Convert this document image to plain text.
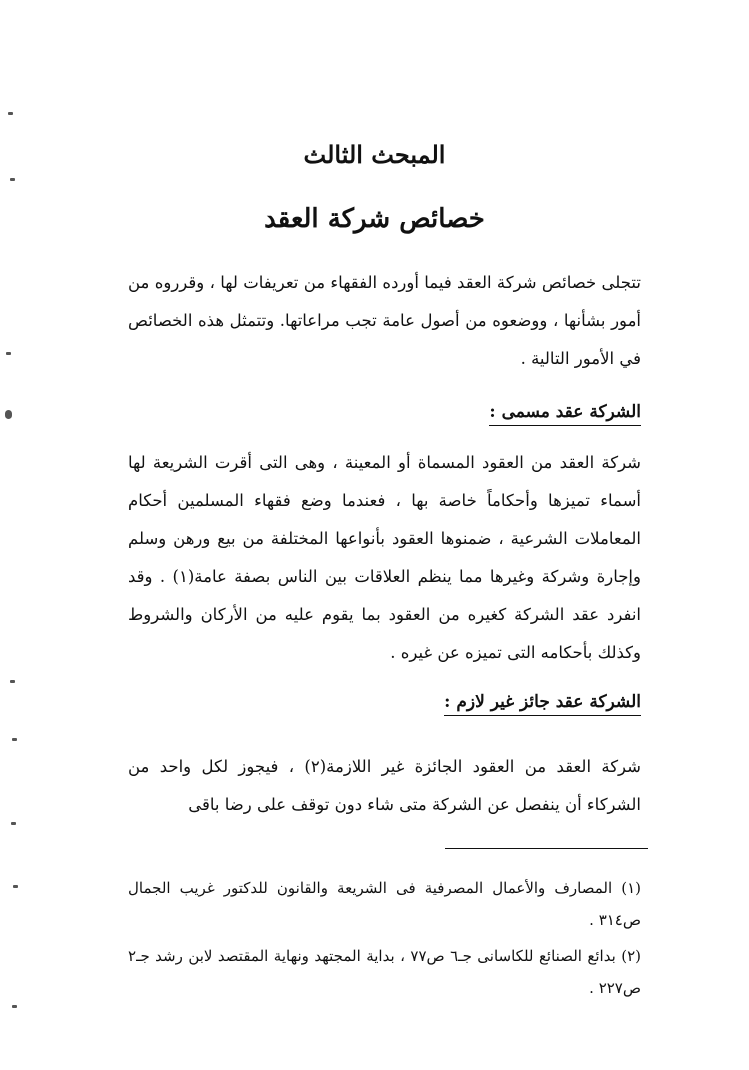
المبحث الثالث
خصائص شركة العقد

تتجلى خصائص شركة العقد فيما أورده الفقهاء من تعريفات لها ، وقرروه من أمور بشأنها ، ووضعوه من أصول عامة تجب مراعاتها. وتتمثل هذه الخصائص في الأمور التالية .

الشركة عقد مسمى :

شركة العقد من العقود المسماة أو المعينة ، وهى التى أقرت الشريعة لها أسماء تميزها وأحكاماً خاصة بها ، فعندما وضع فقهاء المسلمين أحكام المعاملات الشرعية ، ضمنوها العقود بأنواعها المختلفة من بيع ورهن وسلم وإجارة وشركة وغيرها مما ينظم العلاقات بين الناس بصفة عامة(١) . وقد انفرد عقد الشركة كغيره من العقود بما يقوم عليه من الأركان والشروط وكذلك بأحكامه التى تميزه عن غيره .

الشركة عقد جائز غير لازم :

شركة العقد من العقود الجائزة غير اللازمة(٢) ، فيجوز لكل واحد من الشركاء أن ينفصل عن الشركة متى شاء دون توقف على رضا باقى

(١) المصارف والأعمال المصرفية فى الشريعة والقانون للدكتور غريب الجمال ص٣١٤ .

(٢) بدائع الصنائع للكاسانى جـ٦ ص٧٧ ، بداية المجتهد ونهاية المقتصد لابن رشد جـ٢ ص٢٢٧ .
